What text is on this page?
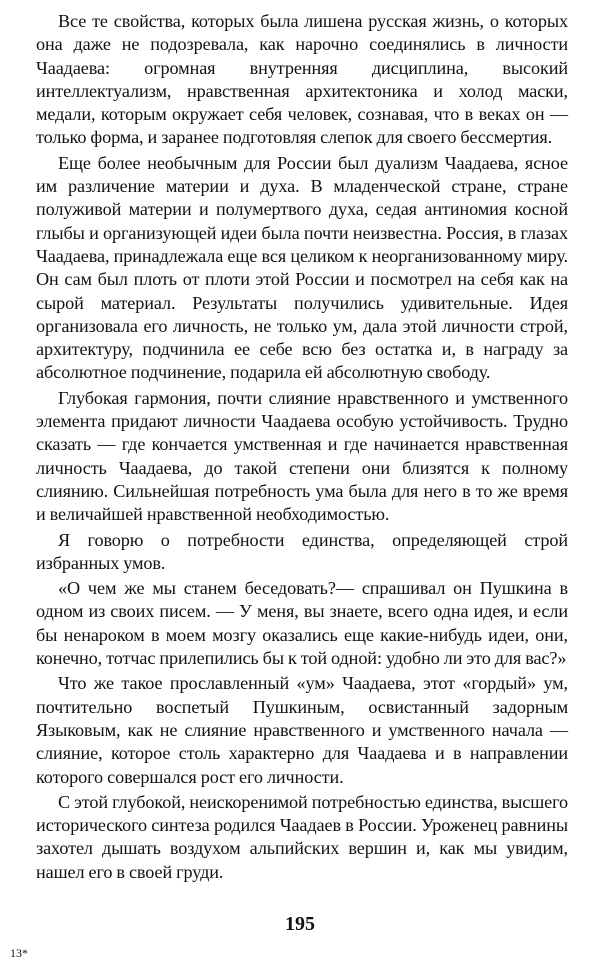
Все те свойства, которых была лишена русская жизнь, о которых она даже не подозревала, как нарочно соединялись в личности Чаадаева: огромная внутренняя дисциплина, высокий интеллектуализм, нравственная архитектоника и холод маски, медали, которым окружает себя человек, сознавая, что в веках он — только форма, и заранее подготовляя слепок для своего бессмертия.

Еще более необычным для России был дуализм Чаадаева, ясное им различение материи и духа. В младенческой стране, стране полуживой материи и полумертвого духа, седая антиномия косной глыбы и организующей идеи была почти неизвестна. Россия, в глазах Чаадаева, принадлежала еще вся целиком к неорганизованному миру. Он сам был плоть от плоти этой России и посмотрел на себя как на сырой материал. Результаты получились удивительные. Идея организовала его личность, не только ум, дала этой личности строй, архитектуру, подчинила ее себе всю без остатка и, в награду за абсолютное подчинение, подарила ей абсолютную свободу.

Глубокая гармония, почти слияние нравственного и умственного элемента придают личности Чаадаева особую устойчивость. Трудно сказать — где кончается умственная и где начинается нравственная личность Чаадаева, до такой степени они близятся к полному слиянию. Сильнейшая потребность ума была для него в то же время и величайшей нравственной необходимостью.

Я говорю о потребности единства, определяющей строй избранных умов.

«О чем же мы станем беседовать?— спрашивал он Пушкина в одном из своих писем. — У меня, вы знаете, всего одна идея, и если бы ненароком в моем мозгу оказались еще какие-нибудь идеи, они, конечно, тотчас прилепились бы к той одной: удобно ли это для вас?»

Что же такое прославленный «ум» Чаадаева, этот «гордый» ум, почтительно воспетый Пушкиным, освистанный задорным Языковым, как не слияние нравственного и умственного начала — слияние, которое столь характерно для Чаадаева и в направлении которого совершался рост его личности.

С этой глубокой, неискоренимой потребностью единства, высшего исторического синтеза родился Чаадаев в России. Уроженец равнины захотел дышать воздухом альпийских вершин и, как мы увидим, нашел его в своей груди.

195
13*
